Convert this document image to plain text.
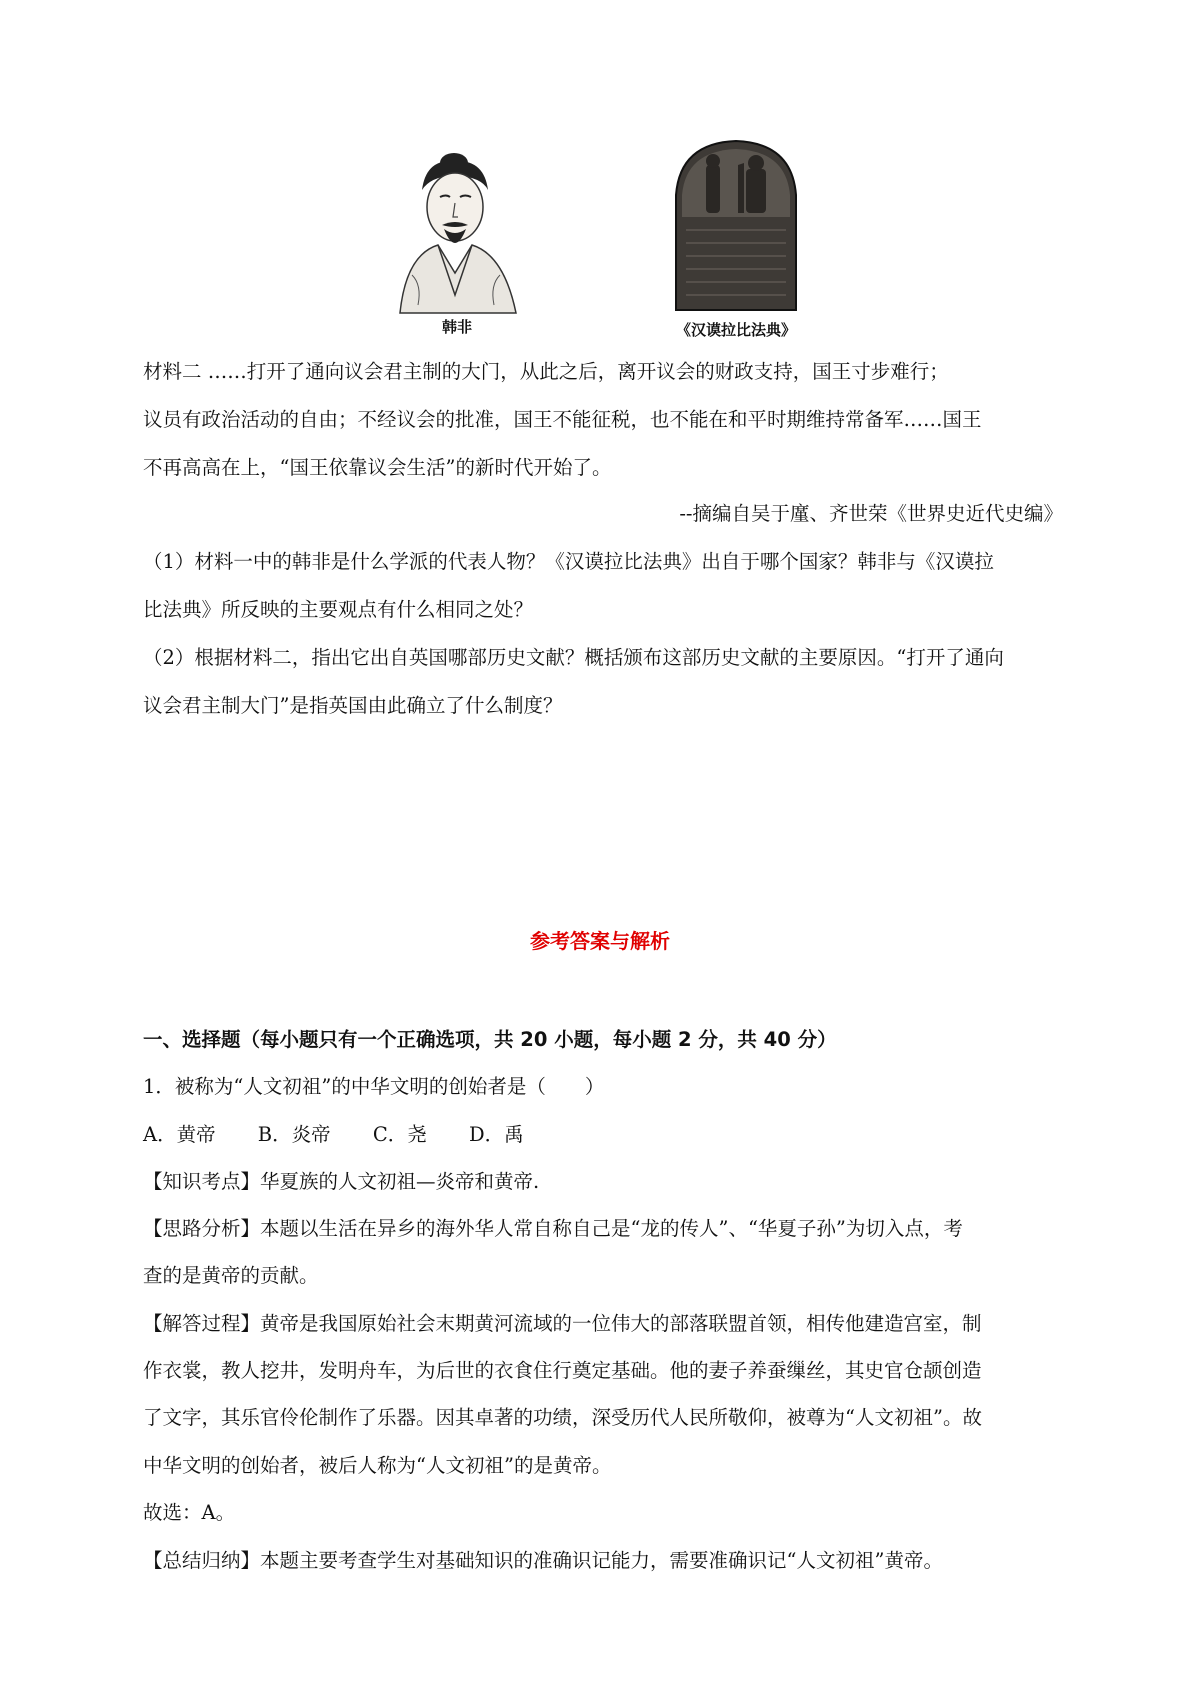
韩非	《汉谟拉比法典》
材料二 ……打开了通向议会君主制的大门，从此之后，离开议会的财政支持，国王寸步难行；
议员有政治活动的自由；不经议会的批准，国王不能征税，也不能在和平时期维持常备军……国王
不再高高在上，“国王依靠议会生活”的新时代开始了。
--摘编自吴于廑、齐世荣《世界史近代史编》
（1）材料一中的韩非是什么学派的代表人物？《汉谟拉比法典》出自于哪个国家？韩非与《汉谟拉
比法典》所反映的主要观点有什么相同之处？
（2）根据材料二，指出它出自英国哪部历史文献？概括颁布这部历史文献的主要原因。“打开了通向
议会君主制大门”是指英国由此确立了什么制度？
参考答案与解析
一、选择题（每小题只有一个正确选项，共 20 小题，每小题 2 分，共 40 分）
1．被称为“人文初祖”的中华文明的创始者是（　　）
A．黄帝 B．炎帝 C．尧 D．禹
【知识考点】华夏族的人文初祖—炎帝和黄帝.
【思路分析】本题以生活在异乡的海外华人常自称自己是“龙的传人”、“华夏子孙”为切入点，考
查的是黄帝的贡献。
【解答过程】黄帝是我国原始社会末期黄河流域的一位伟大的部落联盟首领，相传他建造宫室，制
作衣裳，教人挖井，发明舟车，为后世的衣食住行奠定基础。他的妻子养蚕缫丝，其史官仓颉创造
了文字，其乐官伶伦制作了乐器。因其卓著的功绩，深受历代人民所敬仰，被尊为“人文初祖”。故
中华文明的创始者，被后人称为“人文初祖”的是黄帝。
故选：A。
【总结归纳】本题主要考查学生对基础知识的准确识记能力，需要准确识记“人文初祖”黄帝。
